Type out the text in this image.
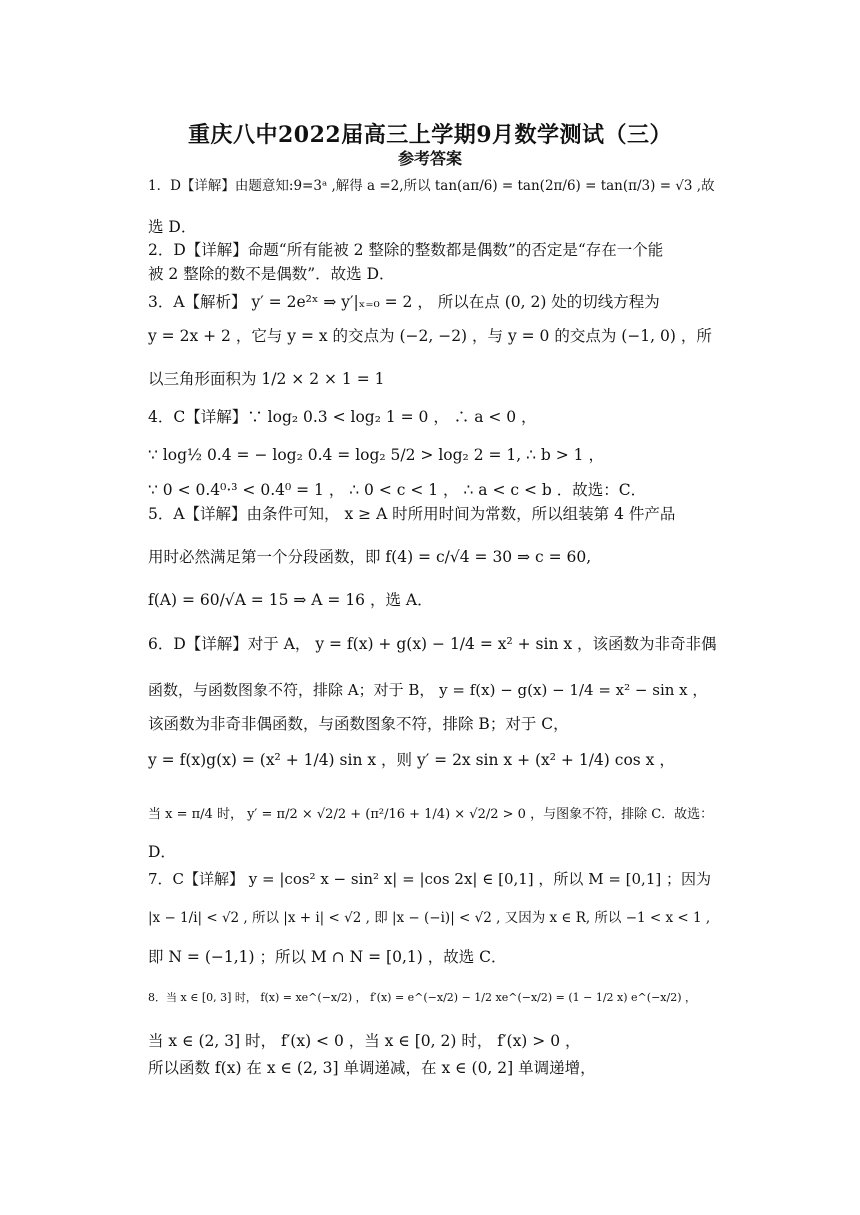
重庆八中2022届高三上学期9月数学测试（三）
参考答案
1．D【详解】由题意知:9=3ᵃ ,解得 a =2,所以 tan(aπ/6) = tan(2π/6) = tan(π/3) = √3 ,故
选 D．
2．D【详解】命题“所有能被 2 整除的整数都是偶数”的否定是“存在一个能
被 2 整除的数不是偶数”．故选 D．
3．A【解析】 y′ = 2e²ˣ ⇒ y′|ₓ₌₀ = 2 ， 所以在点 (0, 2) 处的切线方程为
y = 2x + 2 ，它与 y = x 的交点为 (−2, −2) ，与 y = 0 的交点为 (−1, 0) ，所
以三角形面积为 1/2 × 2 × 1 = 1
4．C【详解】∵ log₂ 0.3 < log₂ 1 = 0 ， ∴ a < 0 ，
∵ log½ 0.4 = − log₂ 0.4 = log₂ 5/2 > log₂ 2 = 1, ∴ b > 1 ，
∵ 0 < 0.4⁰·³ < 0.4⁰ = 1 ， ∴ 0 < c < 1 ， ∴ a < c < b ．故选：C．
5．A【详解】由条件可知， x ≥ A 时所用时间为常数，所以组装第 4 件产品
用时必然满足第一个分段函数，即 f(4) = c/√4 = 30 ⇒ c = 60,
f(A) = 60/√A = 15 ⇒ A = 16 ，选 A．
6．D【详解】对于 A， y = f(x) + g(x) − 1/4 = x² + sin x ，该函数为非奇非偶
函数，与函数图象不符，排除 A；对于 B， y = f(x) − g(x) − 1/4 = x² − sin x ，
该函数为非奇非偶函数，与函数图象不符，排除 B；对于 C，
y = f(x)g(x) = (x² + 1/4) sin x ，则 y′ = 2x sin x + (x² + 1/4) cos x ，
当 x = π/4 时， y′ = π/2 × √2/2 + (π²/16 + 1/4) × √2/2 > 0 ，与图象不符，排除 C．故选：
D．
7．C【详解】 y = |cos² x − sin² x| = |cos 2x| ∈ [0,1] ，所以 M = [0,1] ；因为
|x − 1/i| < √2 , 所以 |x + i| < √2 , 即 |x − (−i)| < √2 , 又因为 x ∈ R, 所以 −1 < x < 1 ,
即 N = (−1,1) ；所以 M ∩ N = [0,1) ，故选 C．
8．当 x ∈ [0, 3] 时， f(x) = xe^(−x/2) ， f′(x) = e^(−x/2) − 1/2 xe^(−x/2) = (1 − 1/2 x) e^(−x/2) ，
当 x ∈ (2, 3] 时， f′(x) < 0 ，当 x ∈ [0, 2) 时， f′(x) > 0 ，
所以函数 f(x) 在 x ∈ (2, 3] 单调递减，在 x ∈ (0, 2] 单调递增，
